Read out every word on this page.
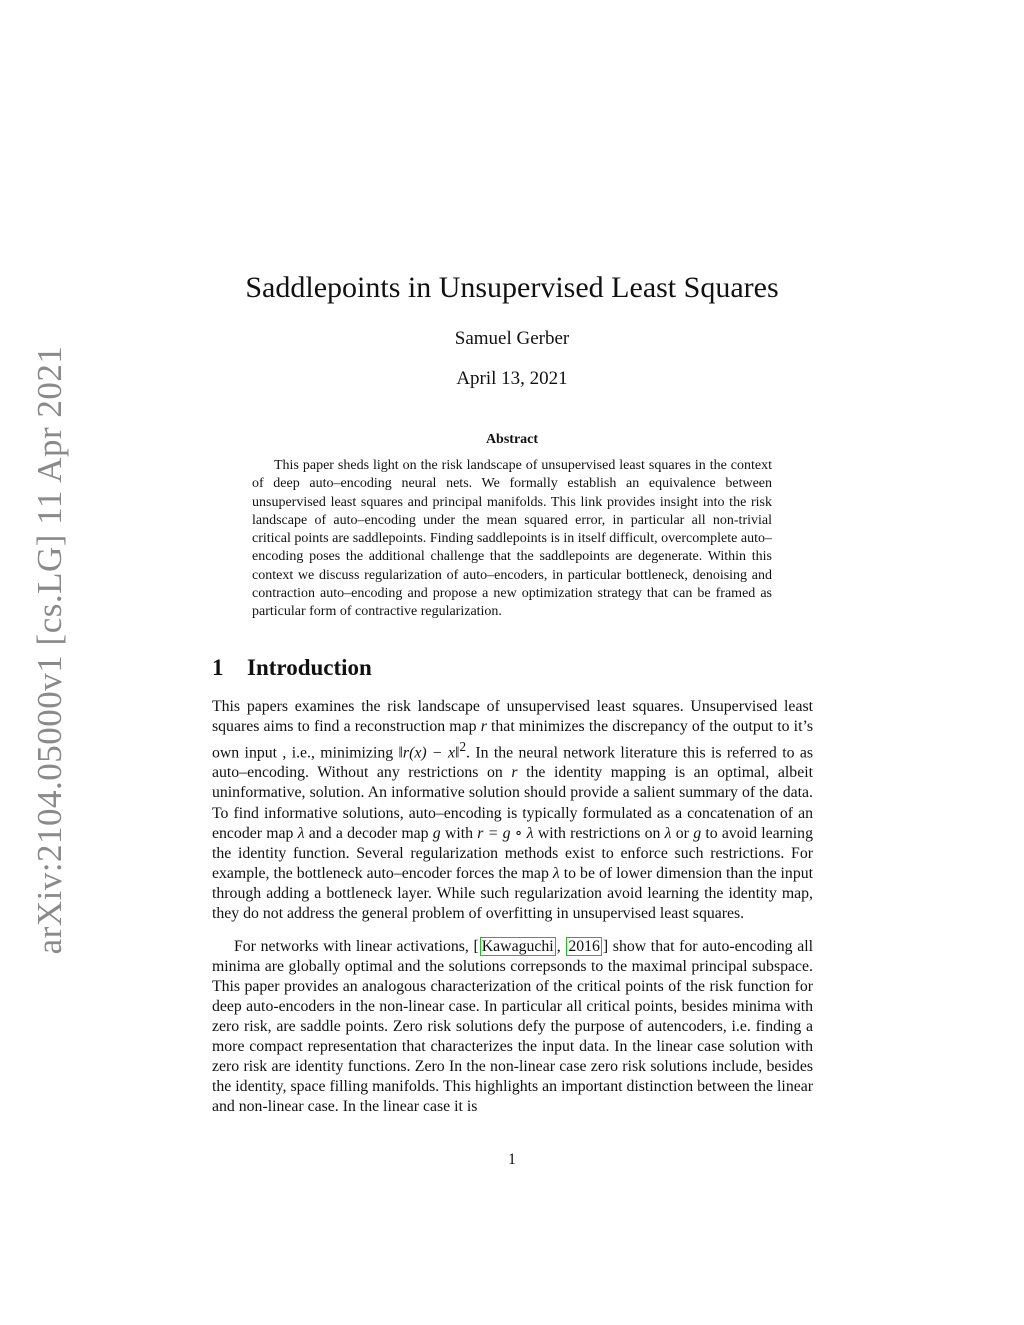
arXiv:2104.05000v1 [cs.LG] 11 Apr 2021
Saddlepoints in Unsupervised Least Squares
Samuel Gerber
April 13, 2021
Abstract

This paper sheds light on the risk landscape of unsupervised least squares in the context of deep auto–encoding neural nets. We formally establish an equivalence between unsupervised least squares and principal manifolds. This link provides insight into the risk landscape of auto–encoding under the mean squared error, in particular all non-trivial critical points are saddlepoints. Finding saddlepoints is in itself difficult, overcomplete auto–encoding poses the additional challenge that the saddlepoints are degenerate. Within this context we discuss regularization of auto–encoders, in particular bottleneck, denoising and contraction auto–encoding and propose a new optimization strategy that can be framed as particular form of contractive regularization.

1 Introduction

This papers examines the risk landscape of unsupervised least squares. Unsupervised least squares aims to find a reconstruction map r that minimizes the discrepancy of the output to it’s own input , i.e., minimizing ‖r(x) − x‖$^2$. In the neural network literature this is referred to as auto–encoding. Without any restrictions on r the identity mapping is an optimal, albeit uninformative, solution. An informative solution should provide a salient summary of the data. To find informative solutions, auto–encoding is typically formulated as a concatenation of an encoder map λ and a decoder map g with r = g ∘ λ with restrictions on λ or g to avoid learning the identity function. Several regularization methods exist to enforce such restrictions. For example, the bottleneck auto–encoder forces the map λ to be of lower dimension than the input through adding a bottleneck layer. While such regularization avoid learning the identity map, they do not address the general problem of overfitting in unsupervised least squares.

For networks with linear activations, [ Kawaguchi , 2016 ] show that for auto-encoding all minima are globally optimal and the solutions correpsonds to the maximal principal subspace. This paper provides an analogous characterization of the critical points of the risk function for deep auto-encoders in the non-linear case. In particular all critical points, besides minima with zero risk, are saddle points. Zero risk solutions defy the purpose of autencoders, i.e. finding a more compact representation that characterizes the input data. In the linear case solution with zero risk are identity functions. Zero In the non-linear case zero risk solutions include, besides the identity, space filling manifolds. This highlights an important distinction between the linear and non-linear case. In the linear case it is

1
